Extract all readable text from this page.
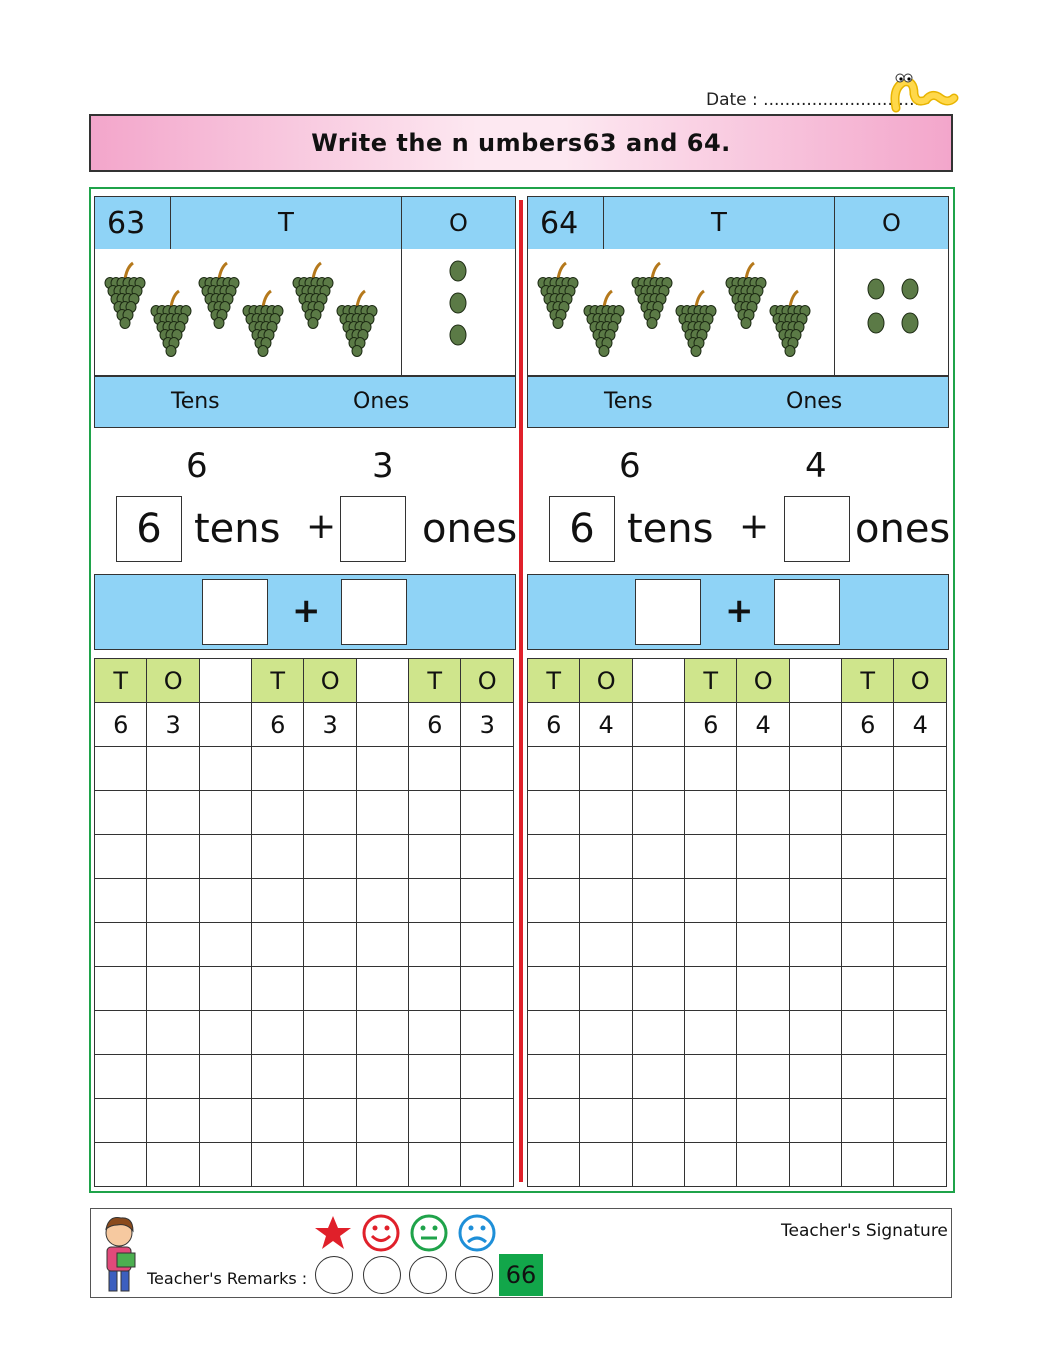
Date : ..............................
Write the n umbers63 and 64.
63	T	O
Tens	Ones
6	3
6 tens + ones
+
T	O		T	O		T	O
6	3		6	3		6	3

64	T	O
Tens	Ones
6	4
6 tens + ones
+
T	O		T	O		T	O
6	4		6	4		6	4

Teacher's Remarks :	66
Teacher's Signature
